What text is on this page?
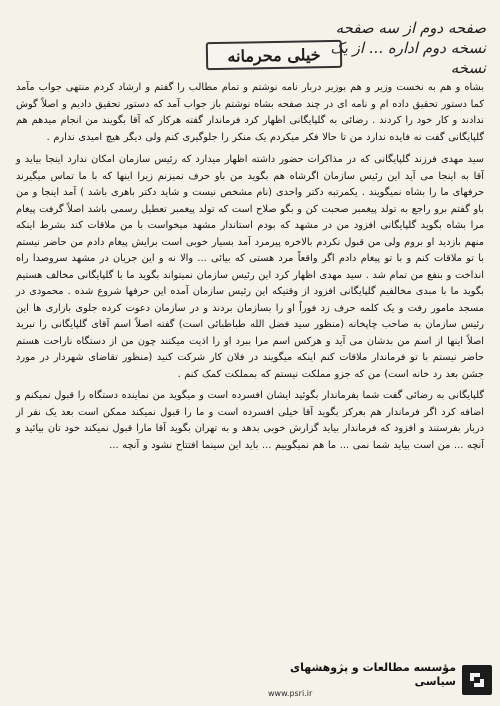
صفحه دوم از سه صفحه
نسخه دوم اداره ... از یک نسخه
خیلی محرمانه

بشاه و هم به نخست وزیر و هم بوزیر دربار نامه نوشتم و تمام مطالب را گفتم و ارشاد کردم منتهی جواب مآمد کما دستور تحقیق داده ام و نامه ای در چند صفحه بشاه نوشتم باز جواب آمد که دستور تحقیق دادیم و اصلاً گوش ندادند و کار خود را کردند . رضائی به گلپایگانی اظهار کرد فرماندار گفته هرکار که آقا بگویند من انجام میدهم هم گلپایگانی گفت نه فایده ندارد من تا حالا فکر میکردم یک منکر را جلوگیری کنم ولی دیگر هیچ امیدی ندارم .

سید مهدی فرزند گلپایگانی که در مذاکرات حضور داشته اظهار میدارد که رئیس سازمان امکان ندارد اینجا بیاید و آقا به اینجا می آید این رئیس سازمان اگرشاه هم بگوید من باو حرف نمیزنم زیرا اینها که با ما تماس میگیرند حرفهای ما را بشاه نمیگویند . یکمرتبه دکتر واحدی (نام مشخص نیست و شاید دکتر باهری باشد ) آمد اینجا و من باو گفتم برو راجع به تولد پیغمبر صحبت کن و بگو صلاح است که تولد پیغمبر تعطیل رسمی باشد اصلاً گرفت پیغام مرا بشاه بگوید گلپایگانی افزود من در مشهد که بودم استاندار مشهد میخواست با من ملاقات کند بشرط اینکه منهم بازدید او بروم ولی من قبول نکردم بالاخره پیرمرد آمد بسیار خوبی است برایش پیغام دادم من حاضر نیستم با تو ملاقات کنم و با تو پیغام دادم اگر واقعاً مرد هستی که بیائی ... والا نه و این جریان در مشهد سروصدا راه انداخت و بنفع من تمام شد . سید مهدی اظهار کرد این رئیس سازمان نمیتواند بگوید ما با گلپایگانی مخالف هستیم بگوید ما با مبدی مخالفیم گلپایگانی افزود از وقتیکه این رئیس سازمان آمده این حرفها شروع شده . محمودی در مسجد مامور رفت و یک کلمه حرف زد فوراً او را بسازمان بردند و در سازمان دعوت کرده جلوی بازاری ها این رئیس سازمان به صاحب چاپخانه (منظور سید فضل الله طباطبائی است) گفته اصلاً اسم آقای گلپایگانی را نبرید اصلاً اینها از اسم من بدشان می آید و هرکس اسم مرا ببرد او را اذیت میکنند چون من از دستگاه ناراحت هستم حاضر نیستم با تو فرماندار ملاقات کنم اینکه میگویند در فلان کار شرکت کنید (منظور تقاضای شهردار در مورد جشن بعد رد خانه است) من که جزو مملکت نیستم که بمملکت کمک کنم .

گلپایگانی به رضائی گفت شما بفرماندار بگوئید ایشان افسرده است و میگوید من نماینده دستگاه را قبول نمیکنم و اضافه کرد اگر فرماندار هم بعرکز بگوید آقا خیلی افسرده است و ما را قبول نمیکند ممکن است بعد یک نفر از دربار بفرستند و افزود که فرماندار بیاید گزارش خوبی بدهد و به تهران بگوید آقا مارا قبول نمیکند خود تان بیائید و آنچه ... من است بیاید شما نمی ... ما هم نمیگوییم ... باید این سینما افتتاح نشود و آنچه ...

مؤسسه مطالعات و پژوهشهای سیاسی
www.psri.ir
